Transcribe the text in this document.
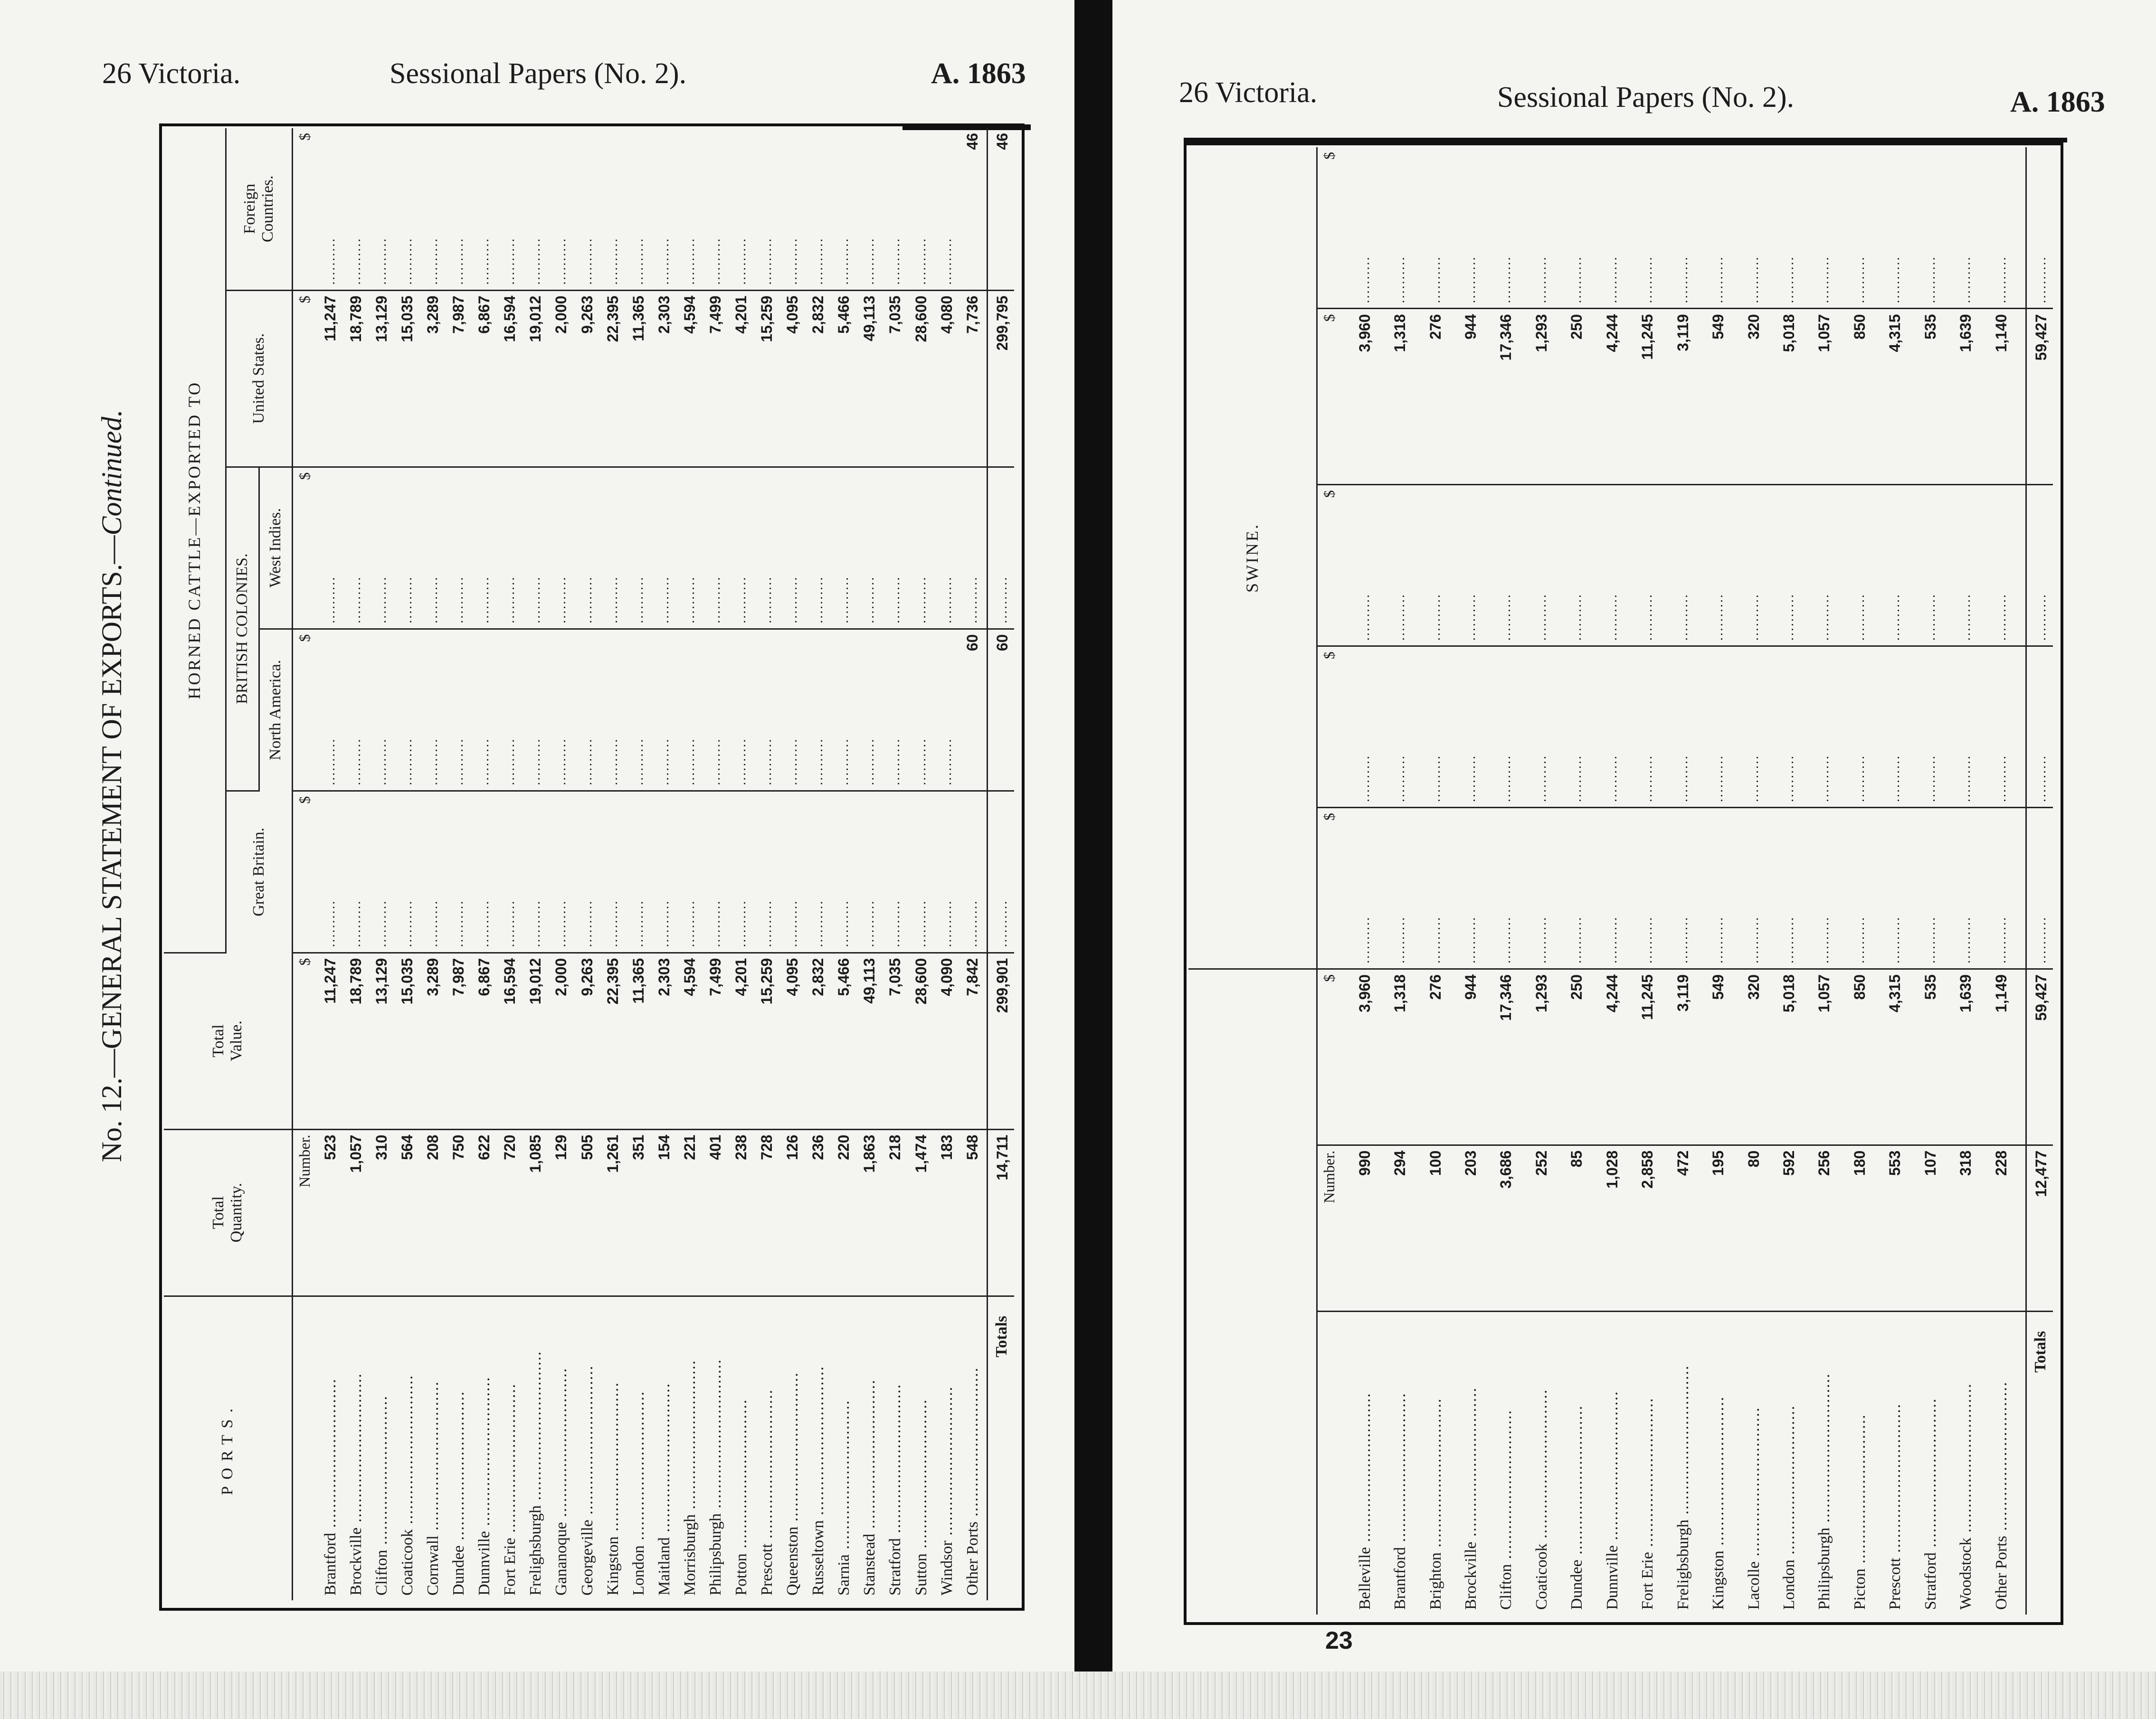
26 Victoria.	Sessional Papers (No. 2).	A. 1863
No. 12.—GENERAL STATEMENT OF EXPORTS.—Continued.
PORTS.	Total
Quantity.	Total
Value.	HORNED CATTLE—EXPORTED TO				
			Great Britain.	BRITISH COLONIES.		United States.	Foreign
Countries.
				North America.	West Indies.		
	Number.	$	$	$	$	$	$
Brantford ..............................	523	11,247	..........	..........	..........	11,247	..........
Brockville ..............................	1,057	18,789	..........	..........	..........	18,789	..........
Clifton ..............................	310	13,129	..........	..........	..........	13,129	..........
Coaticook ..............................	564	15,035	..........	..........	..........	15,035	..........
Cornwall ..............................	208	3,289	..........	..........	..........	3,289	..........
Dundee ..............................	750	7,987	..........	..........	..........	7,987	..........
Dunnville ..............................	622	6,867	..........	..........	..........	6,867	..........
Fort Erie ..............................	720	16,594	..........	..........	..........	16,594	..........
Frelighsburgh ..............................	1,085	19,012	..........	..........	..........	19,012	..........
Gananoque ..............................	129	2,000	..........	..........	..........	2,000	..........
Georgeville ..............................	505	9,263	..........	..........	..........	9,263	..........
Kingston ..............................	1,261	22,395	..........	..........	..........	22,395	..........
London ..............................	351	11,365	..........	..........	..........	11,365	..........
Maitland ..............................	154	2,303	..........	..........	..........	2,303	..........
Morrisburgh ..............................	221	4,594	..........	..........	..........	4,594	..........
Philipsburgh ..............................	401	7,499	..........	..........	..........	7,499	..........
Potton ..............................	238	4,201	..........	..........	..........	4,201	..........
Prescott ..............................	728	15,259	..........	..........	..........	15,259	..........
Queenston ..............................	126	4,095	..........	..........	..........	4,095	..........
Russeltown ..............................	236	2,832	..........	..........	..........	2,832	..........
Sarnia ..............................	220	5,466	..........	..........	..........	5,466	..........
Stanstead ..............................	1,863	49,113	..........	..........	..........	49,113	..........
Stratford ..............................	218	7,035	..........	..........	..........	7,035	..........
Sutton ..............................	1,474	28,600	..........	..........	..........	28,600	..........
Windsor ..............................	183	4,090	..........	..........	..........	4,080	..........
Other Ports ..............................	548	7,842	..........	60	..........	7,736	46
Totals	14,711	299,901	..........	60	..........	299,795	46
26 Victoria.	Sessional Papers (No. 2).	A. 1863
			SWINE.				
	Number.	$	$	$	$	$	$
Belleville ..............................	990	3,960	..........	..........	..........	3,960	..........
Brantford ..............................	294	1,318	..........	..........	..........	1,318	..........
Brighton ..............................	100	276	..........	..........	..........	276	..........
Brockville ..............................	203	944	..........	..........	..........	944	..........
Clifton ..............................	3,686	17,346	..........	..........	..........	17,346	..........
Coaticook ..............................	252	1,293	..........	..........	..........	1,293	..........
Dundee ..............................	85	250	..........	..........	..........	250	..........
Dunnville ..............................	1,028	4,244	..........	..........	..........	4,244	..........
Fort Erie ..............................	2,858	11,245	..........	..........	..........	11,245	..........
Freligbsburgh ..............................	472	3,119	..........	..........	..........	3,119	..........
Kingston ..............................	195	549	..........	..........	..........	549	..........
Lacolle ..............................	80	320	..........	..........	..........	320	..........
London ..............................	592	5,018	..........	..........	..........	5,018	..........
Philipsburgh ..............................	256	1,057	..........	..........	..........	1,057	..........
Picton ..............................	180	850	..........	..........	..........	850	..........
Prescott ..............................	553	4,315	..........	..........	..........	4,315	..........
Stratford ..............................	107	535	..........	..........	..........	535	..........
Woodstock ..............................	318	1,639	..........	..........	..........	1,639	..........
Other Ports ..............................	228	1,149	..........	..........	..........	1,140	..........
Totals	12,477	59,427	..........	..........	..........	59,427	..........
23
